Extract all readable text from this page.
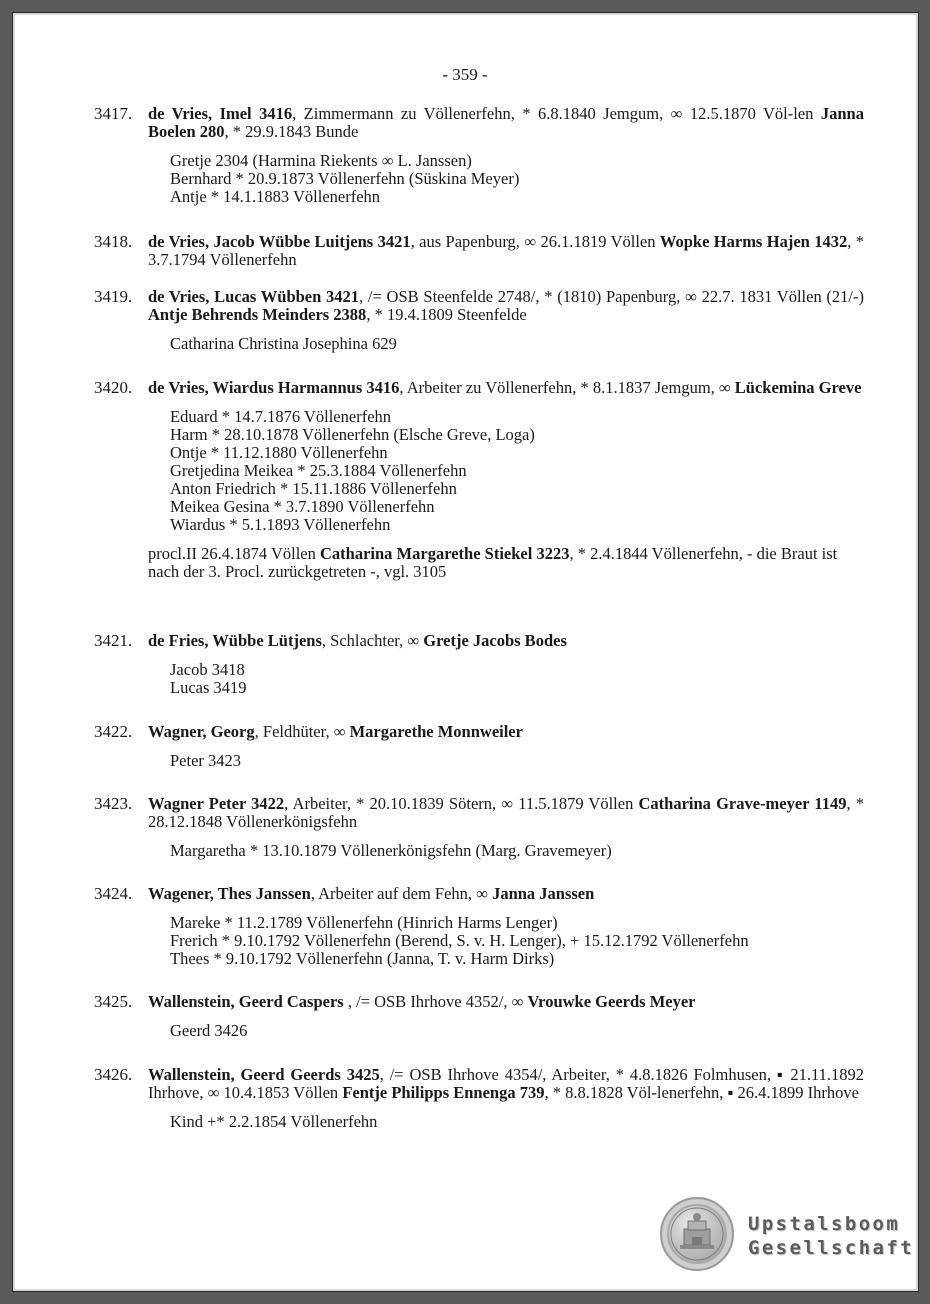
- 359 -
3417. de Vries, Imel 3416, Zimmermann zu Völlenerfehn, * 6.8.1840 Jemgum, ∞ 12.5.1870 Völ-len Janna Boelen 280, * 29.9.1843 Bunde
Gretje 2304 (Harmina Riekents ∞ L. Janssen)
Bernhard * 20.9.1873 Völlenerfehn (Süskina Meyer)
Antje * 14.1.1883 Völlenerfehn
3418. de Vries, Jacob Wübbe Luitjens 3421, aus Papenburg, ∞ 26.1.1819 Völlen Wopke Harms Hajen 1432, * 3.7.1794 Völlenerfehn
3419. de Vries, Lucas Wübben 3421, /= OSB Steenfelde 2748/, * (1810) Papenburg, ∞ 22.7. 1831 Völlen (21/-) Antje Behrends Meinders 2388, * 19.4.1809 Steenfelde
Catharina Christina Josephina 629
3420. de Vries, Wiardus Harmannus 3416, Arbeiter zu Völlenerfehn, * 8.1.1837 Jemgum, ∞ Lückemina Greve
Eduard * 14.7.1876 Völlenerfehn
Harm * 28.10.1878 Völlenerfehn (Elsche Greve, Loga)
Ontje * 11.12.1880 Völlenerfehn
Gretjedina Meikea * 25.3.1884 Völlenerfehn
Anton Friedrich * 15.11.1886 Völlenerfehn
Meikea Gesina * 3.7.1890 Völlenerfehn
Wiardus * 5.1.1893 Völlenerfehn
procl.II 26.4.1874 Völlen Catharina Margarethe Stiekel 3223, * 2.4.1844 Völlenerfehn, - die Braut ist nach der 3. Procl. zurückgetreten -, vgl. 3105
3421. de Fries, Wübbe Lütjens, Schlachter, ∞ Gretje Jacobs Bodes
Jacob 3418
Lucas 3419
3422. Wagner, Georg, Feldhüter, ∞ Margarethe Monnweiler
Peter 3423
3423. Wagner Peter 3422, Arbeiter, * 20.10.1839 Sötern, ∞ 11.5.1879 Völlen Catharina Grave-meyer 1149, * 28.12.1848 Völlenerkönigsfehn
Margaretha * 13.10.1879 Völlenerkönigsfehn (Marg. Gravemeyer)
3424. Wagener, Thes Janssen, Arbeiter auf dem Fehn, ∞ Janna Janssen
Mareke * 11.2.1789 Völlenerfehn (Hinrich Harms Lenger)
Frerich * 9.10.1792 Völlenerfehn (Berend, S. v. H. Lenger), + 15.12.1792 Völlenerfehn
Thees * 9.10.1792 Völlenerfehn (Janna, T. v. Harm Dirks)
3425. Wallenstein, Geerd Caspers , /= OSB Ihrhove 4352/, ∞ Vrouwke Geerds Meyer
Geerd 3426
3426. Wallenstein, Geerd Geerds 3425, /= OSB Ihrhove 4354/, Arbeiter, * 4.8.1826 Folmhusen, ▪ 21.11.1892 Ihrhove, ∞ 10.4.1853 Völlen Fentje Philipps Ennenga 739, * 8.8.1828 Völ-lenerfehn, ▪ 26.4.1899 Ihrhove
Kind +* 2.2.1854 Völlenerfehn
Upstalsboom
Gesellschaft
